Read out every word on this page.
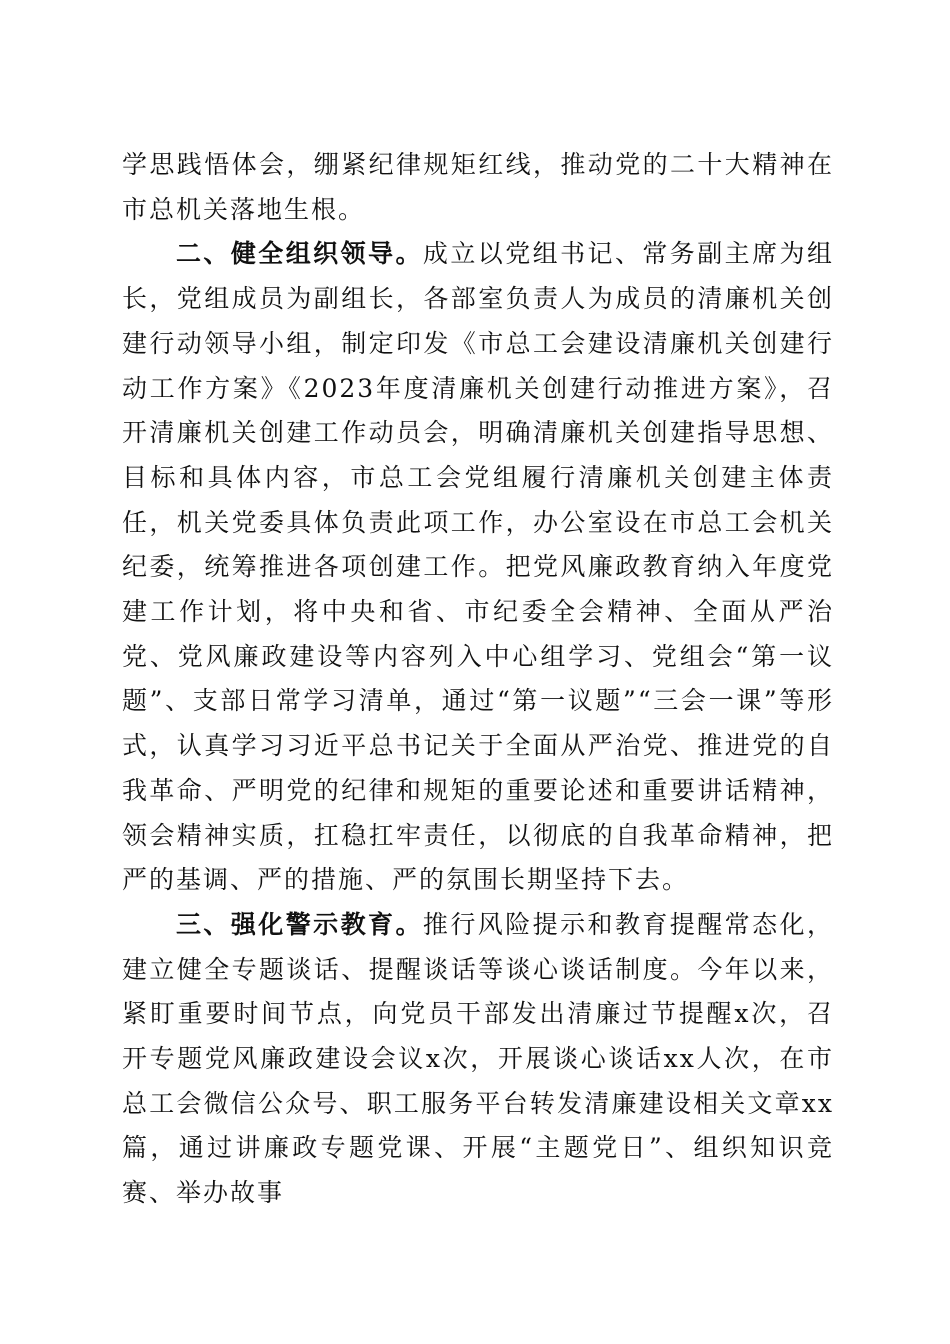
学思践悟体会，绷紧纪律规矩红线，推动党的二十大精神在市总机关落地生根。

二、健全组织领导。成立以党组书记、常务副主席为组长，党组成员为副组长，各部室负责人为成员的清廉机关创建行动领导小组，制定印发《市总工会建设清廉机关创建行动工作方案》《2023年度清廉机关创建行动推进方案》，召开清廉机关创建工作动员会，明确清廉机关创建指导思想、目标和具体内容，市总工会党组履行清廉机关创建主体责任，机关党委具体负责此项工作，办公室设在市总工会机关纪委，统筹推进各项创建工作。把党风廉政教育纳入年度党建工作计划，将中央和省、市纪委全会精神、全面从严治党、党风廉政建设等内容列入中心组学习、党组会“第一议题”、支部日常学习清单，通过“第一议题”“三会一课”等形式，认真学习习近平总书记关于全面从严治党、推进党的自我革命、严明党的纪律和规矩的重要论述和重要讲话精神，领会精神实质，扛稳扛牢责任，以彻底的自我革命精神，把严的基调、严的措施、严的氛围长期坚持下去。

三、强化警示教育。推行风险提示和教育提醒常态化，建立健全专题谈话、提醒谈话等谈心谈话制度。今年以来，紧盯重要时间节点，向党员干部发出清廉过节提醒x次，召开专题党风廉政建设会议x次，开展谈心谈话xx人次，在市总工会微信公众号、职工服务平台转发清廉建设相关文章xx篇，通过讲廉政专题党课、开展“主题党日”、组织知识竞赛、举办故事
